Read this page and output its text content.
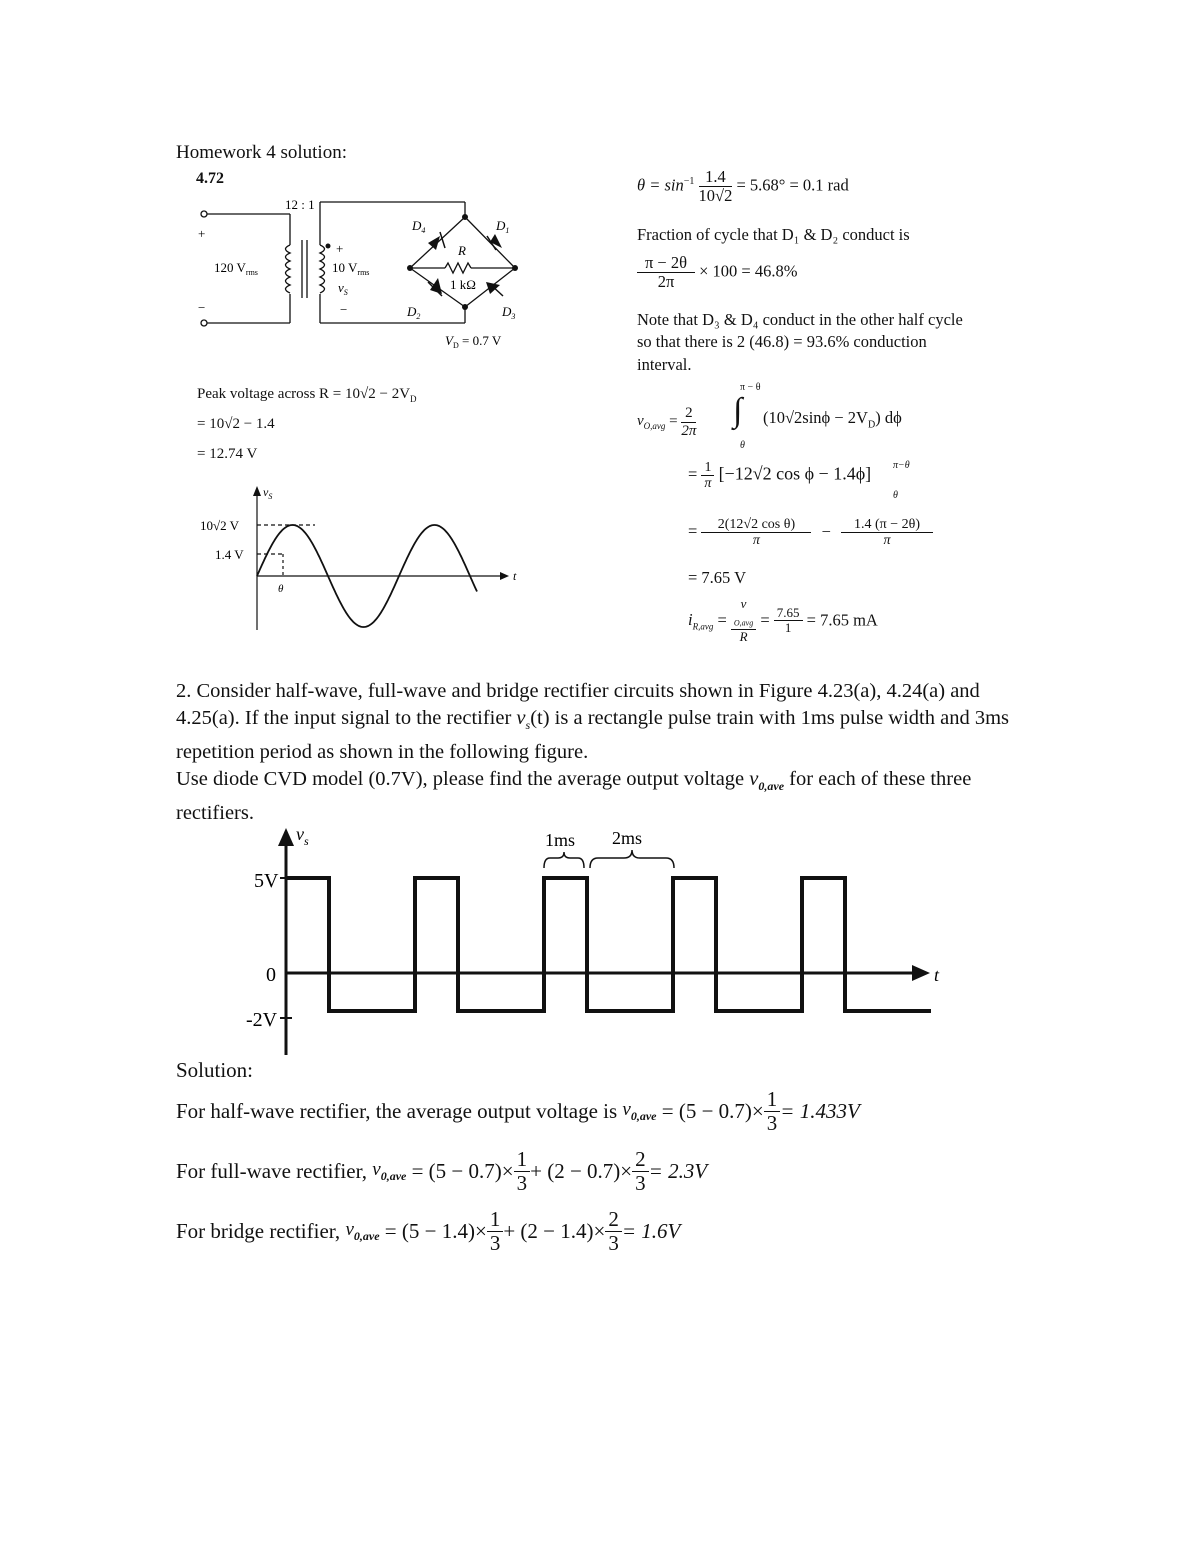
Homework 4 solution:
4.72
12 : 1
+
−
120 $V_{rms}$
+
10 $V_{rms}$
$v_S$
−
$D_4$	$D_1$
$D_2$	$D_3$
R
1 kΩ
$V_D = 0.7$ V
Peak voltage across $R = 10√2 - 2V_D$
= 10√2 − 1.4
= 12.74 V
$v_S$
10√2 V
1.4 V
θ
t
$\theta = \sin^{-1} \frac{1.4}{10√2} = 5.68^\circ = 0.1$ rad
Fraction of cycle that D₁ & D₂ conduct is
$\frac{\pi - 2\theta}{2\pi} \times 100 = 46.8\%$
Note that D₃ & D₄ conduct in the other half cycle
so that there is 2 (46.8) = 93.6% conduction
interval.
$v_{O,avg} = \frac{2}{2\pi}$
π − θ
∫
θ
$(10√2\sin\phi - 2V_D)$ dϕ
= $\frac{1}{\pi} [-12√2$ cos ϕ − 1.4ϕ] π−θ
θ
= $\frac{\text{2(12√2 cos θ)}}{\pi} - \frac{1.4 (\pi - 2\theta)}{\pi}$
= 7.65 V
$i_{R,avg} = v$
$_{O,avg}$
$R = \frac{7.65}{1} = 7.65$ mA
2. Consider half-wave, full-wave and bridge rectifier circuits shown in Figure 4.23(a), 4.24(a) and 4.25(a). If the input signal to the rectifier $v_s(t)$ is a rectangle pulse train with 1ms pulse width and 3ms repetition period as shown in the following figure.
Use diode CVD model (0.7V), please find the average output voltage $v_{0,ave}$ for each of these three rectifiers.
$v_s$
t
5V
0
-2V
1ms 2ms
Solution:
For half-wave rectifier, the average output voltage is $v_{0,ave} = (5 - 0.7)\times \frac{1}{3} = 1.433V$
For full-wave rectifier, $v_{0,ave} = (5 - 0.7)\times \frac{1}{3} + (2 - 0.7)\times \frac{2}{3} = 2.3V$
For bridge rectifier, $v_{0,ave} = (5 - 1.4)\times \frac{1}{3} + (2 - 1.4)\times \frac{2}{3} = 1.6V$
